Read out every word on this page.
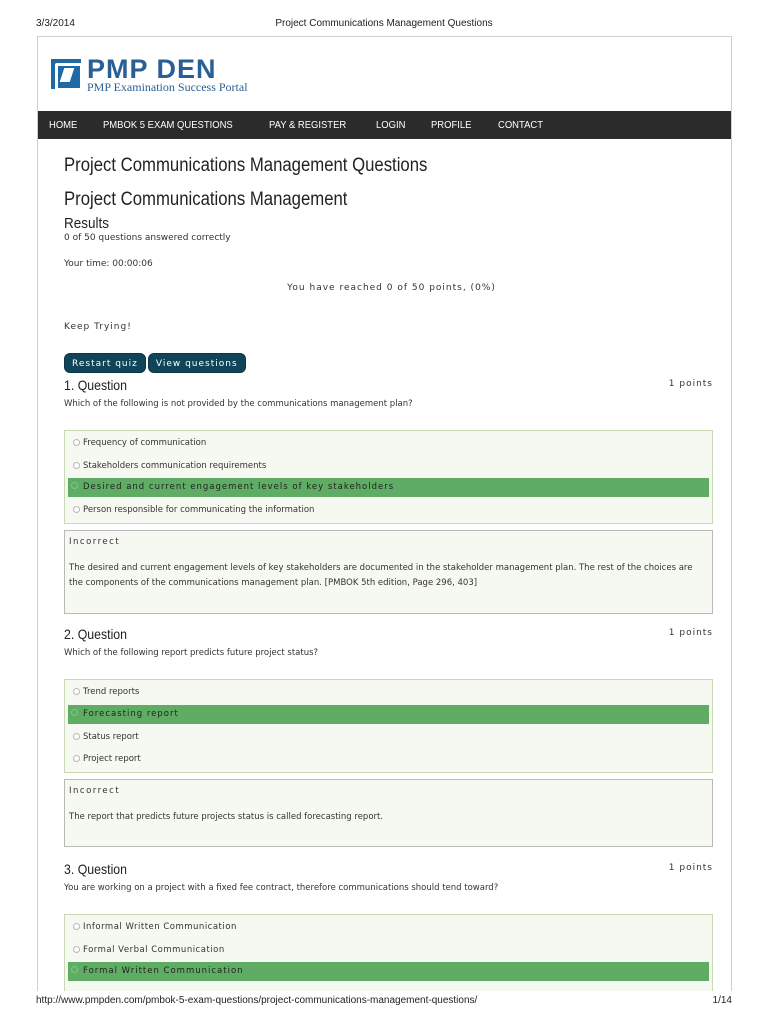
3/3/2014	Project Communications Management Questions
PMP DEN
PMP Examination Success Portal
HOME PMBOK 5 EXAM QUESTIONS	PAY & REGISTER	LOGIN PROFILE	CONTACT
Project Communications Management Questions
Project Communications Management
Results
0 of 50 questions answered correctly
Your time: 00:00:06
You have reached 0 of 50 points, (0%)
Keep Trying!
Restart quiz	View questions
1. Question	1 points
Which of the following is not provided by the communications management plan?
Frequency of communication
Stakeholders communication requirements
Desired and current engagement levels of key stakeholders
Person responsible for communicating the information
Incorrect
The desired and current engagement levels of key stakeholders are documented in the stakeholder management plan. The rest of the choices are the components of the communications management plan. [PMBOK 5th edition, Page 296, 403]
2. Question	1 points
Which of the following report predicts future project status?
Trend reports
Forecasting report
Status report
Project report
Incorrect
The report that predicts future projects status is called forecasting report.
3. Question	1 points
You are working on a project with a fixed fee contract, therefore communications should tend toward?
Informal Written Communication
Formal Verbal Communication
Formal Written Communication
http://www.pmpden.com/pmbok-5-exam-questions/project-communications-management-questions/	1/14
